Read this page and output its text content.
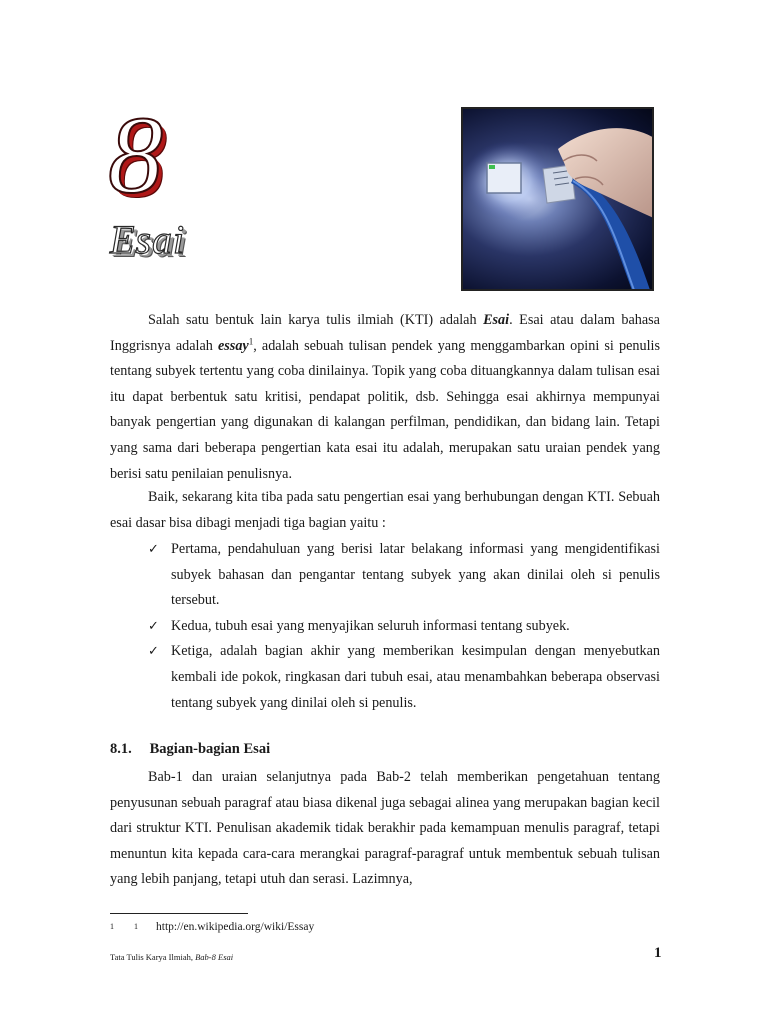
8
Esai

Salah satu bentuk lain karya tulis ilmiah (KTI) adalah Esai. Esai atau dalam bahasa Inggrisnya adalah essay$^1$, adalah sebuah tulisan pendek yang menggambarkan opini si penulis tentang subyek tertentu yang coba dinilainya. Topik yang coba dituangkannya dalam tulisan esai itu dapat berbentuk satu kritisi, pendapat politik, dsb. Sehingga esai akhirnya mempunyai banyak pengertian yang digunakan di kalangan perfilman, pendidikan, dan bidang lain. Tetapi yang sama dari beberapa pengertian kata esai itu adalah, merupakan satu uraian pendek yang berisi satu penilaian penulisnya.

Baik, sekarang kita tiba pada satu pengertian esai yang berhubungan dengan KTI. Sebuah esai dasar bisa dibagi menjadi tiga bagian yaitu :

✓ Pertama, pendahuluan yang berisi latar belakang informasi yang mengidentifikasi subyek bahasan dan pengantar tentang subyek yang akan dinilai oleh si penulis tersebut.
✓ Kedua, tubuh esai yang menyajikan seluruh informasi tentang subyek.
✓ Ketiga, adalah bagian akhir yang memberikan kesimpulan dengan menyebutkan kembali ide pokok, ringkasan dari tubuh esai, atau menambahkan beberapa observasi tentang subyek yang dinilai oleh si penulis.
8.1. Bagian-bagian Esai

Bab-1 dan uraian selanjutnya pada Bab-2 telah memberikan pengetahuan tentang penyusunan sebuah paragraf atau biasa dikenal juga sebagai alinea yang merupakan bagian kecil dari struktur KTI. Penulisan akademik tidak berakhir pada kemampuan menulis paragraf, tetapi menuntun kita kepada cara-cara merangkai paragraf-paragraf untuk membentuk sebuah tulisan yang lebih panjang, tetapi utuh dan serasi. Lazimnya,

1	1 http://en.wikipedia.org/wiki/Essay
Tata Tulis Karya Ilmiah, Bab-8 Esai	1
